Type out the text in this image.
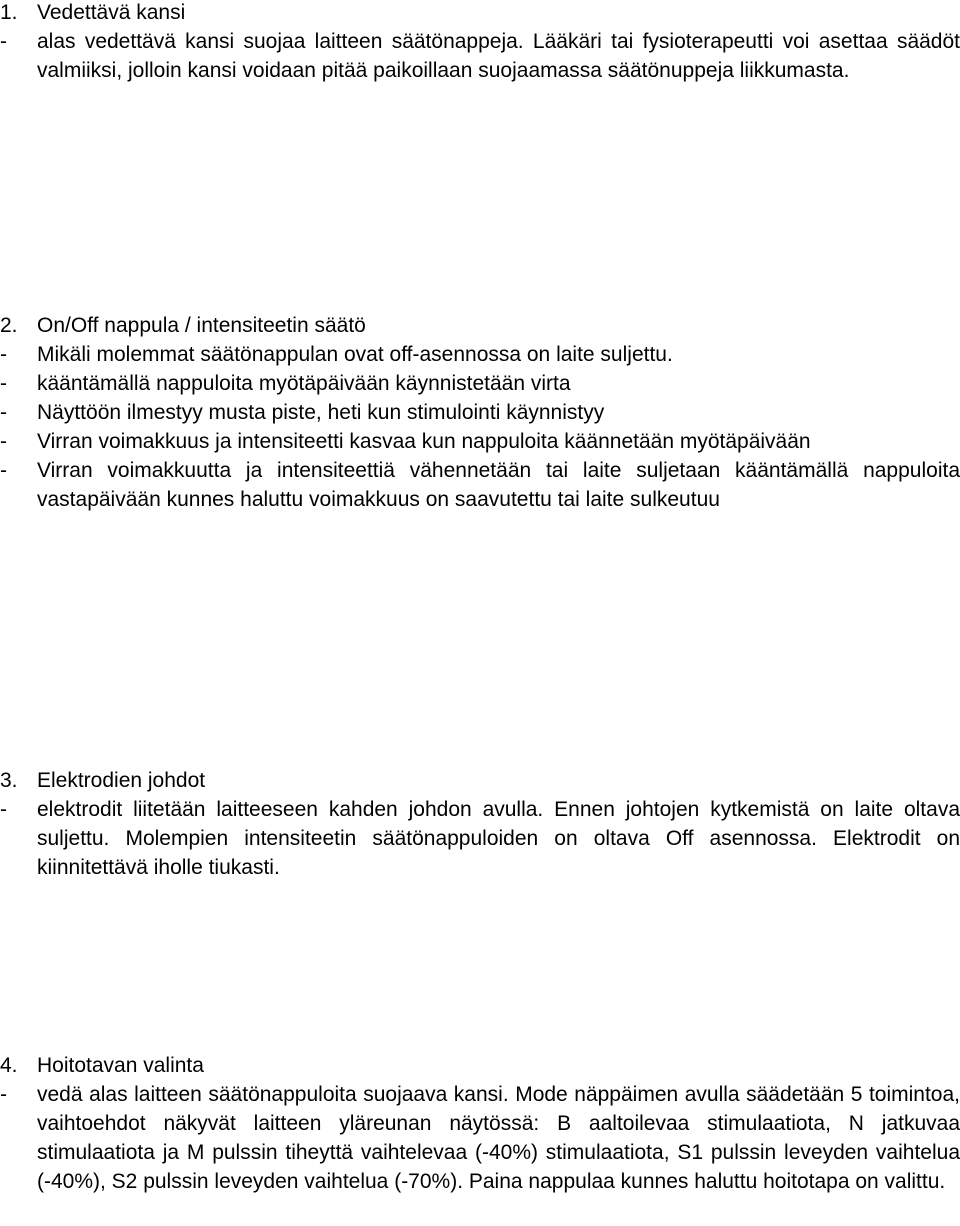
1. Vedettävä kansi
-	alas vedettävä kansi suojaa laitteen säätönappeja. Lääkäri tai fysioterapeutti voi asettaa säädöt valmiiksi, jolloin kansi voidaan pitää paikoillaan suojaamassa säätönuppeja liikkumasta.
2. On/Off nappula / intensiteetin säätö
-	Mikäli molemmat säätönappulan ovat off-asennossa on laite suljettu.
-	kääntämällä nappuloita myötäpäivään käynnistetään virta
-	Näyttöön ilmestyy musta piste, heti kun stimulointi käynnistyy
-	Virran voimakkuus ja intensiteetti kasvaa kun nappuloita käännetään myötäpäivään
-	Virran voimakkuutta ja intensiteettiä vähennetään tai laite suljetaan kääntämällä nappuloita vastapäivään kunnes haluttu voimakkuus on saavutettu tai laite sulkeutuu
3. Elektrodien johdot
-	elektrodit liitetään laitteeseen kahden johdon avulla. Ennen johtojen kytkemistä on laite oltava suljettu. Molempien intensiteetin säätönappuloiden on oltava Off asennossa. Elektrodit on kiinnitettävä iholle tiukasti.
4. Hoitotavan valinta
-	vedä alas laitteen säätönappuloita suojaava kansi. Mode näppäimen avulla säädetään 5 toimintoa, vaihtoehdot näkyvät laitteen yläreunan näytössä: B aaltoilevaa stimulaatiota, N jatkuvaa stimulaatiota ja M pulssin tiheyttä vaihtelevaa (-40%) stimulaatiota, S1 pulssin leveyden vaihtelua (-40%), S2 pulssin leveyden vaihtelua (-70%). Paina nappulaa kunnes haluttu hoitotapa on valittu.
